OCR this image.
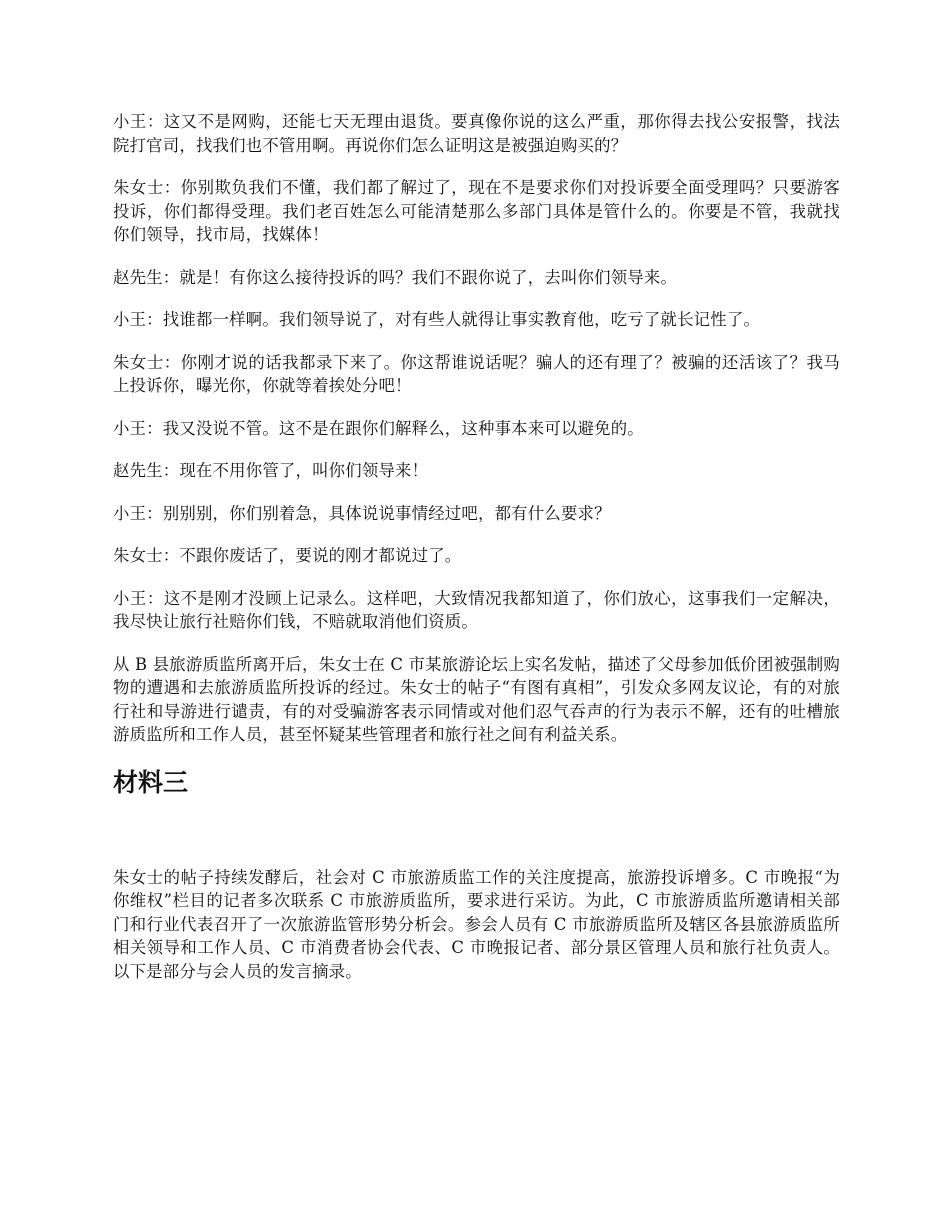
小王：这又不是网购，还能七天无理由退货。要真像你说的这么严重，那你得去找公安报警，找法院打官司，找我们也不管用啊。再说你们怎么证明这是被强迫购买的？

朱女士：你别欺负我们不懂，我们都了解过了，现在不是要求你们对投诉要全面受理吗？只要游客投诉，你们都得受理。我们老百姓怎么可能清楚那么多部门具体是管什么的。你要是不管，我就找你们领导，找市局，找媒体！

赵先生：就是！有你这么接待投诉的吗？我们不跟你说了，去叫你们领导来。

小王：找谁都一样啊。我们领导说了，对有些人就得让事实教育他，吃亏了就长记性了。

朱女士：你刚才说的话我都录下来了。你这帮谁说话呢？骗人的还有理了？被骗的还活该了？我马上投诉你，曝光你，你就等着挨处分吧！

小王：我又没说不管。这不是在跟你们解释么，这种事本来可以避免的。

赵先生：现在不用你管了，叫你们领导来！

小王：别别别，你们别着急，具体说说事情经过吧，都有什么要求？

朱女士：不跟你废话了，要说的刚才都说过了。

小王：这不是刚才没顾上记录么。这样吧，大致情况我都知道了，你们放心，这事我们一定解决，我尽快让旅行社赔你们钱，不赔就取消他们资质。

从 B 县旅游质监所离开后，朱女士在 C 市某旅游论坛上实名发帖，描述了父母参加低价团被强制购物的遭遇和去旅游质监所投诉的经过。朱女士的帖子“有图有真相”，引发众多网友议论，有的对旅行社和导游进行谴责，有的对受骗游客表示同情或对他们忍气吞声的行为表示不解，还有的吐槽旅游质监所和工作人员，甚至怀疑某些管理者和旅行社之间有利益关系。

材料三

朱女士的帖子持续发酵后，社会对 C 市旅游质监工作的关注度提高，旅游投诉增多。C 市晚报“为你维权”栏目的记者多次联系 C 市旅游质监所，要求进行采访。为此，C 市旅游质监所邀请相关部门和行业代表召开了一次旅游监管形势分析会。参会人员有 C 市旅游质监所及辖区各县旅游质监所相关领导和工作人员、C 市消费者协会代表、C 市晚报记者、部分景区管理人员和旅行社负责人。以下是部分与会人员的发言摘录。
